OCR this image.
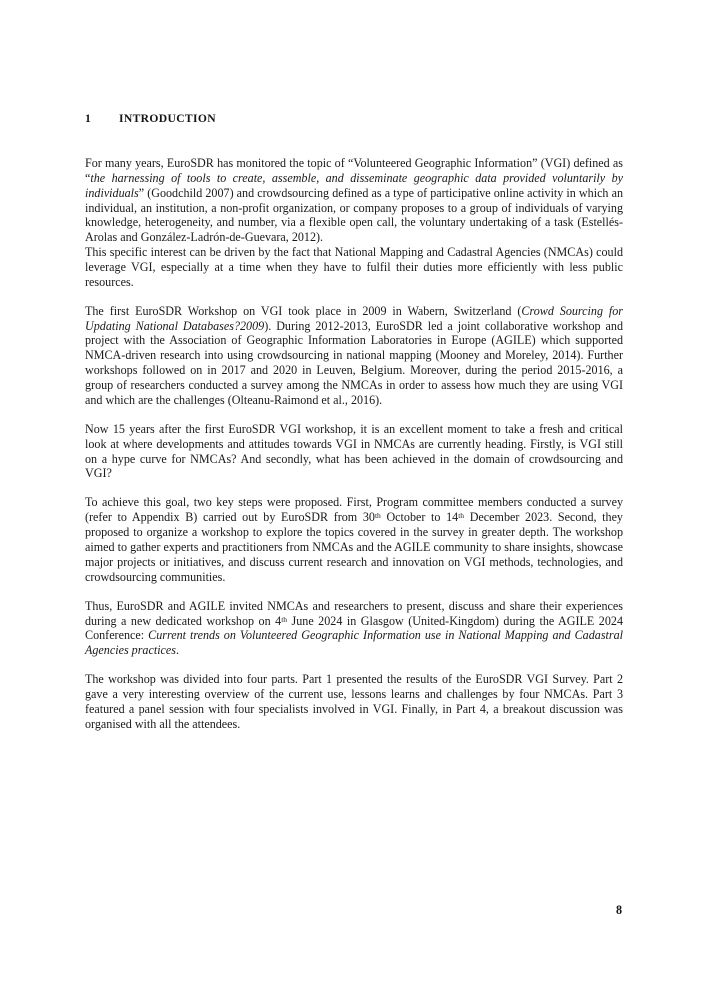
1 INTRODUCTION

For many years, EuroSDR has monitored the topic of “Volunteered Geographic Information” (VGI) defined as “the harnessing of tools to create, assemble, and disseminate geographic data provided voluntarily by individuals” (Goodchild 2007) and crowdsourcing defined as a type of participative online activity in which an individual, an institution, a non-profit organization, or company proposes to a group of individuals of varying knowledge, heterogeneity, and number, via a flexible open call, the voluntary undertaking of a task (Estellés-Arolas and González-Ladrón-de-Guevara, 2012).

This specific interest can be driven by the fact that National Mapping and Cadastral Agencies (NMCAs) could leverage VGI, especially at a time when they have to fulfil their duties more efficiently with less public resources.

The first EuroSDR Workshop on VGI took place in 2009 in Wabern, Switzerland (Crowd Sourcing for Updating National Databases?2009). During 2012-2013, EuroSDR led a joint collaborative workshop and project with the Association of Geographic Information Laboratories in Europe (AGILE) which supported NMCA-driven research into using crowdsourcing in national mapping (Mooney and Moreley, 2014). Further workshops followed on in 2017 and 2020 in Leuven, Belgium. Moreover, during the period 2015-2016, a group of researchers conducted a survey among the NMCAs in order to assess how much they are using VGI and which are the challenges (Olteanu-Raimond et al., 2016).

Now 15 years after the first EuroSDR VGI workshop, it is an excellent moment to take a fresh and critical look at where developments and attitudes towards VGI in NMCAs are currently heading. Firstly, is VGI still on a hype curve for NMCAs? And secondly, what has been achieved in the domain of crowdsourcing and VGI?

To achieve this goal, two key steps were proposed. First, Program committee members conducted a survey (refer to Appendix B) carried out by EuroSDR from 30th October to 14th December 2023. Second, they proposed to organize a workshop to explore the topics covered in the survey in greater depth. The workshop aimed to gather experts and practitioners from NMCAs and the AGILE community to share insights, showcase major projects or initiatives, and discuss current research and innovation on VGI methods, technologies, and crowdsourcing communities.

Thus, EuroSDR and AGILE invited NMCAs and researchers to present, discuss and share their experiences during a new dedicated workshop on 4th June 2024 in Glasgow (United-Kingdom) during the AGILE 2024 Conference: Current trends on Volunteered Geographic Information use in National Mapping and Cadastral Agencies practices.

The workshop was divided into four parts. Part 1 presented the results of the EuroSDR VGI Survey. Part 2 gave a very interesting overview of the current use, lessons learns and challenges by four NMCAs. Part 3 featured a panel session with four specialists involved in VGI. Finally, in Part 4, a breakout discussion was organised with all the attendees.

8
